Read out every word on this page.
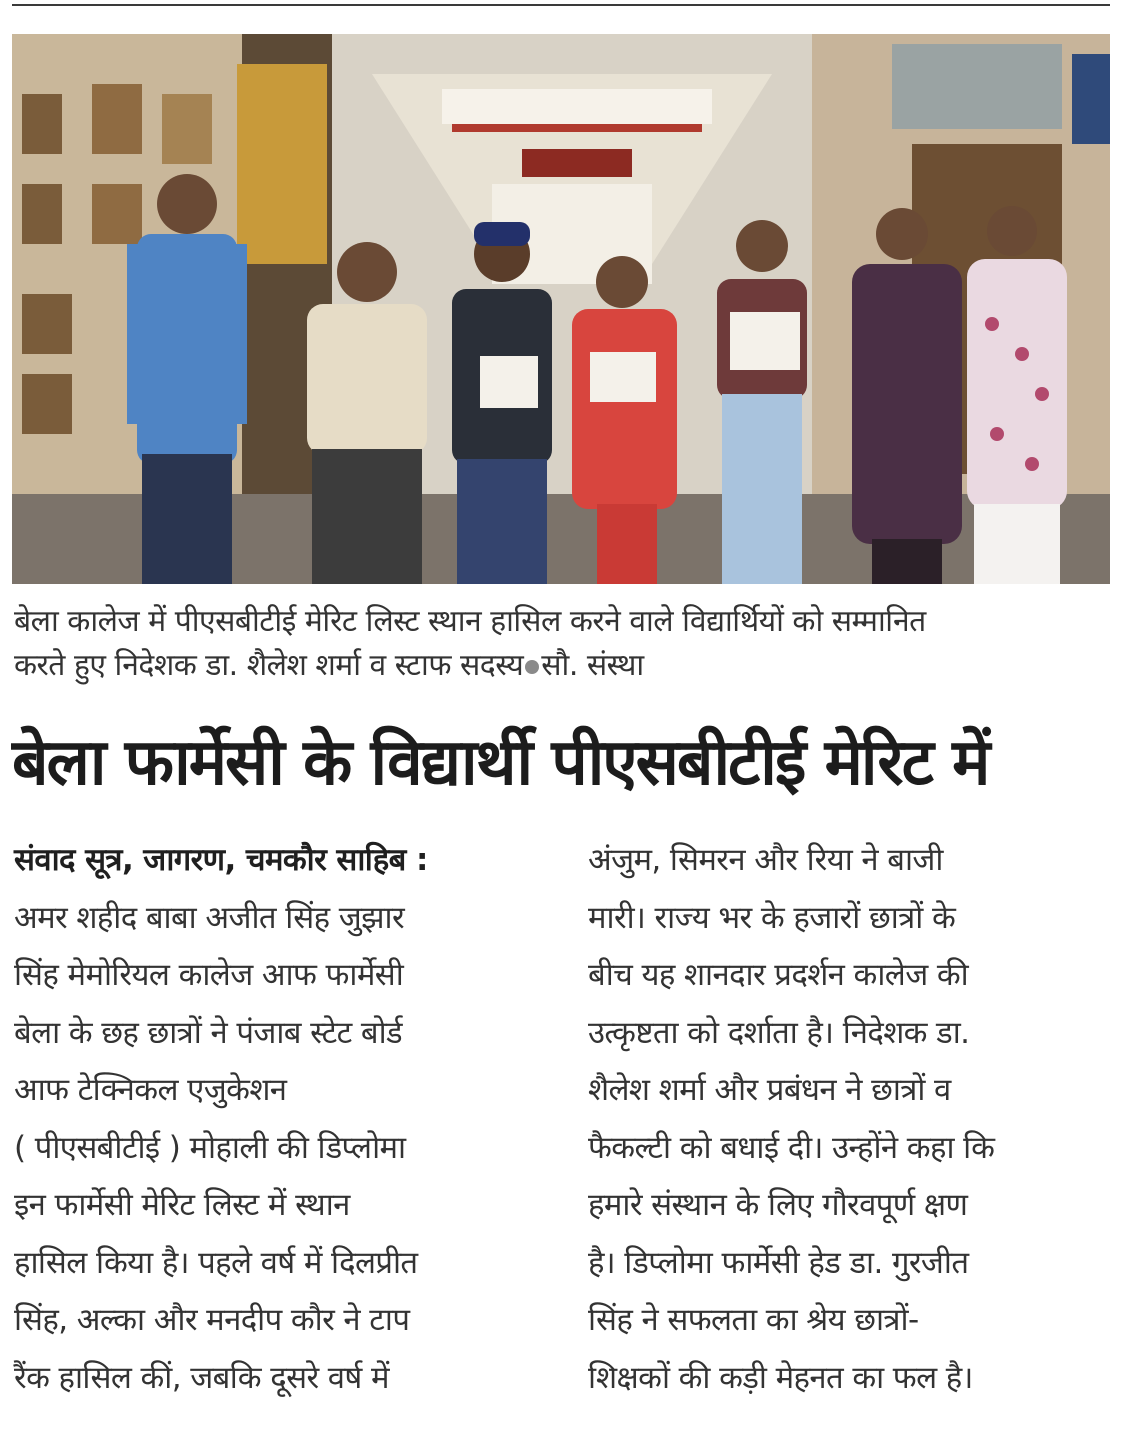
बेला कालेज में पीएसबीटीई मेरिट लिस्ट स्थान हासिल करने वाले विद्यार्थियों को सम्मानित
करते हुए निदेशक डा. शैलेश शर्मा व स्टाफ सदस्य सौ. संस्था
बेला फार्मेसी के विद्यार्थी पीएसबीटीई मेरिट में

संवाद सूत्र, जागरण, चमकौर साहिब :

अमर शहीद बाबा अजीत सिंह जुझार

सिंह मेमोरियल कालेज आफ फार्मेसी

बेला के छह छात्रों ने पंजाब स्टेट बोर्ड

आफ टेक्निकल एजुकेशन

( पीएसबीटीई ) मोहाली की डिप्लोमा

इन फार्मेसी मेरिट लिस्ट में स्थान

हासिल किया है। पहले वर्ष में दिलप्रीत

सिंह, अल्का और मनदीप कौर ने टाप

रैंक हासिल कीं, जबकि दूसरे वर्ष में

अंजुम, सिमरन और रिया ने बाजी

मारी। राज्य भर के हजारों छात्रों के

बीच यह शानदार प्रदर्शन कालेज की

उत्कृष्टता को दर्शाता है। निदेशक डा.

शैलेश शर्मा और प्रबंधन ने छात्रों व

फैकल्टी को बधाई दी। उन्होंने कहा कि

हमारे संस्थान के लिए गौरवपूर्ण क्षण

है। डिप्लोमा फार्मेसी हेड डा. गुरजीत

सिंह ने सफलता का श्रेय छात्रों-

शिक्षकों की कड़ी मेहनत का फल है।
